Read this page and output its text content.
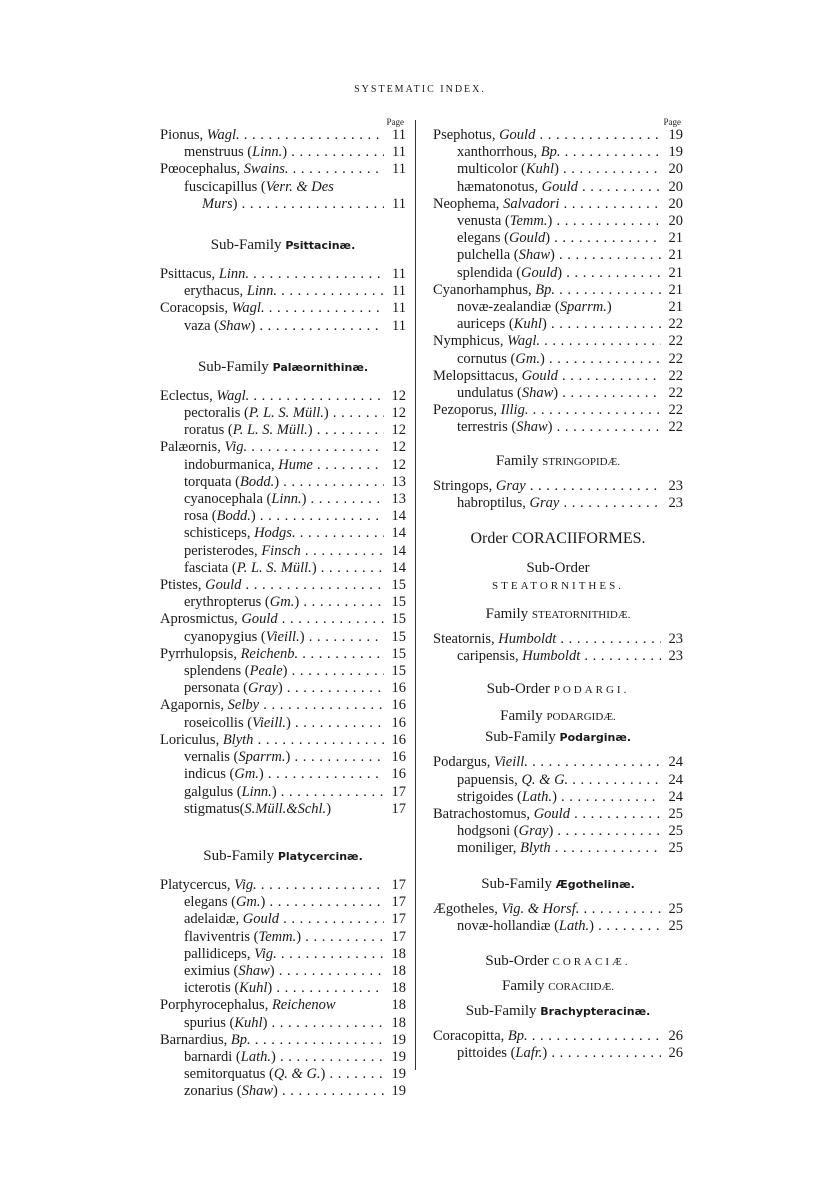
SYSTEMATIC INDEX.
Page
Pionus, Wagl. . . .	11
menstruus (Linn.) . . .	11
Pœocephalus, Swains. . . .	11
fuscicapillus (Verr. & Des
Murs) . . .	11
Sub-Family Psittacinæ.
Psittacus, Linn. . . .	11
erythacus, Linn. . . .	11
Coracopsis, Wagl. . . .	11
vaza (Shaw) . . .	11
Sub-Family Palæornithinæ.
Eclectus, Wagl. . . .	12
pectoralis (P. L. S. Müll.) . . .	12
roratus (P. L. S. Müll.) . . .	12
Palæornis, Vig. . . .	12
indoburmanica, Hume . . .	12
torquata (Bodd.) . . .	13
cyanocephala (Linn.) . . .	13
rosa (Bodd.) . . .	14
schisticeps, Hodgs. . . .	14
peristerodes, Finsch . . .	14
fasciata (P. L. S. Müll.) . . .	14
Ptistes, Gould . . .	15
erythropterus (Gm.) . . .	15
Aprosmictus, Gould . . .	15
cyanopygius (Vieill.) . . .	15
Pyrrhulopsis, Reichenb. . . .	15
splendens (Peale) . . .	15
personata (Gray) . . .	16
Agapornis, Selby . . .	16
roseicollis (Vieill.) . . .	16
Loriculus, Blyth . . .	16
vernalis (Sparrm.) . . .	16
indicus (Gm.) . . .	16
galgulus (Linn.) . . .	17
stigmatus(S.Müll.&Schl.)	17
Sub-Family Platycercinæ.
Platycercus, Vig. . . .	17
elegans (Gm.) . . .	17
adelaidæ, Gould . . .	17
flaviventris (Temm.) . . .	17
pallidiceps, Vig. . . .	18
eximius (Shaw) . . .	18
icterotis (Kuhl) . . .	18
Porphyrocephalus, Reichenow	18
spurius (Kuhl) . . .	18
Barnardius, Bp. . . .	19
barnardi (Lath.) . . .	19
semitorquatus (Q. & G.) . . .	19
zonarius (Shaw) . . .	19
Page
Psephotus, Gould . . .	19
xanthorrhous, Bp. . . .	19
multicolor (Kuhl) . . .	20
hæmatonotus, Gould . . .	20
Neophema, Salvadori . . .	20
venusta (Temm.) . . .	20
elegans (Gould) . . .	21
pulchella (Shaw) . . .	21
splendida (Gould) . . .	21
Cyanorhamphus, Bp. . . .	21
novæ-zealandiæ (Sparrm.)	21
auriceps (Kuhl) . . .	22
Nymphicus, Wagl. . . .	22
cornutus (Gm.) . . .	22
Melopsittacus, Gould . . .	22
undulatus (Shaw) . . .	22
Pezoporus, Illig. . . .	22
terrestris (Shaw) . . .	22
Family STRINGOPIDÆ.
Stringops, Gray . . .	23
habroptilus, Gray . . .	23
Order CORACIIFORMES.
Sub-Order
STEATORNITHES.
Family STEATORNITHIDÆ.
Steatornis, Humboldt . . .	23
caripensis, Humboldt . . .	23
Sub-Order PODARGI.
Family PODARGIDÆ.
Sub-Family Podarginæ.
Podargus, Vieill. . . .	24
papuensis, Q. & G. . . .	24
strigoides (Lath.) . . .	24
Batrachostomus, Gould . . .	25
hodgsoni (Gray) . . .	25
moniliger, Blyth . . .	25
Sub-Family Ægothelinæ.
Ægotheles, Vig. & Horsf. . . .	25
novæ-hollandiæ (Lath.) . . .	25
Sub-Order CORACIÆ.
Family CORACIIDÆ.
Sub-Family Brachypteracinæ.
Coracopitta, Bp. . . .	26
pittoides (Lafr.) . . .	26
